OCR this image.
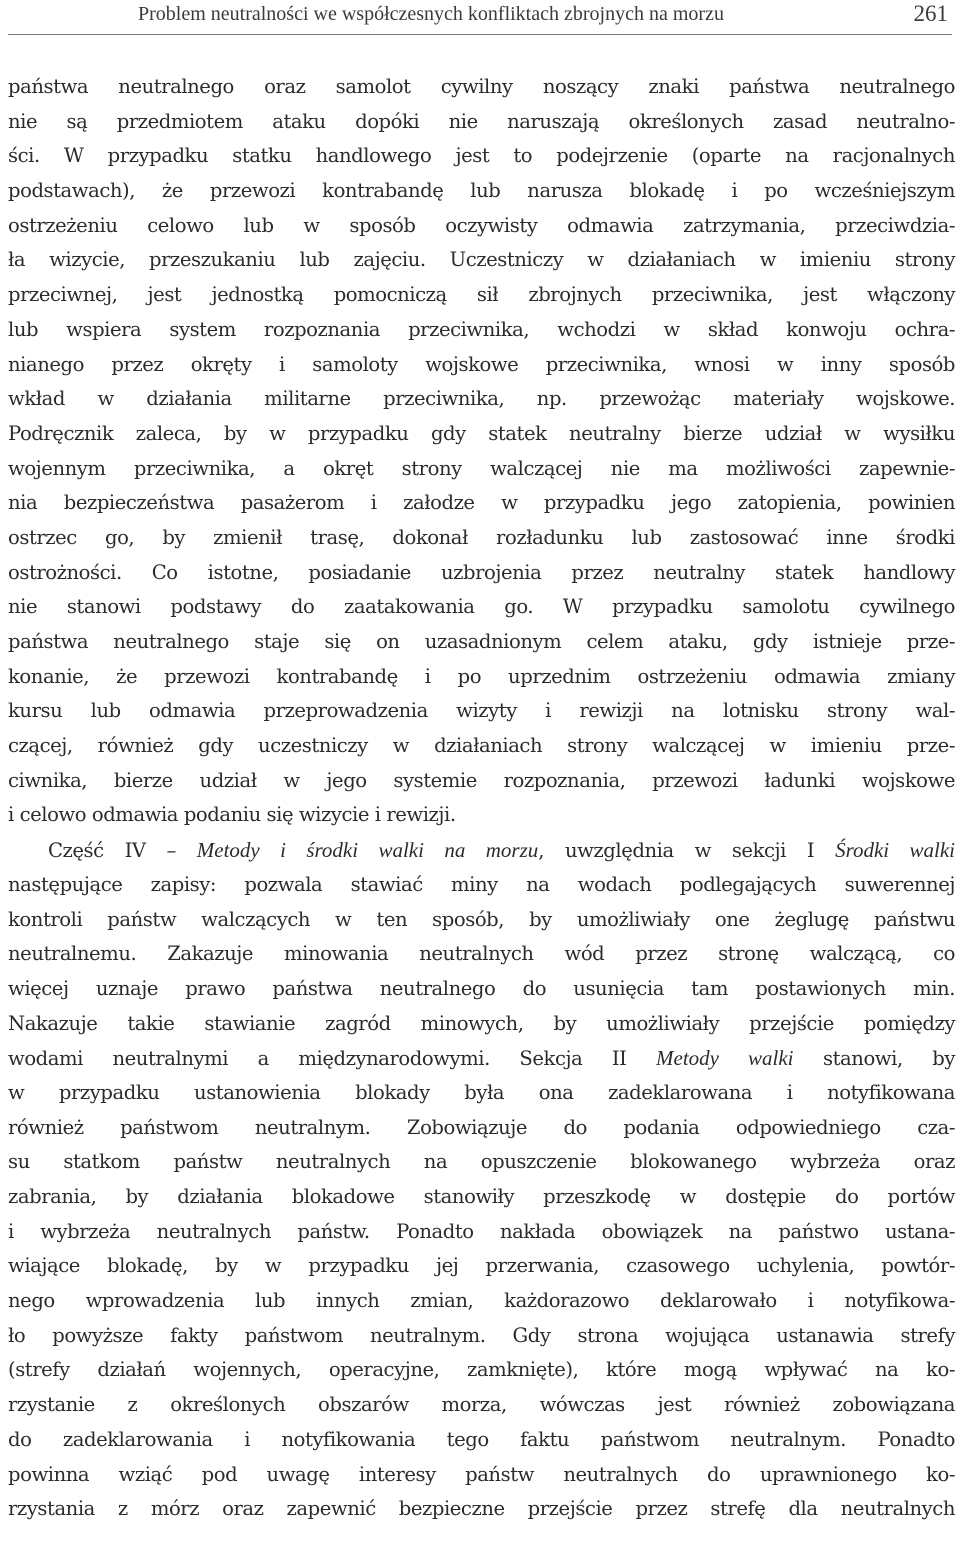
Problem neutralności we współczesnych konfliktach zbrojnych na morzu	261
państwa neutralnego oraz samolot cywilny noszący znaki państwa neutralnego
nie są przedmiotem ataku dopóki nie naruszają określonych zasad neutralno-
ści. W przypadku statku handlowego jest to podejrzenie (oparte na racjonalnych
podstawach), że przewozi kontrabandę lub narusza blokadę i po wcześniejszym
ostrzeżeniu celowo lub w sposób oczywisty odmawia zatrzymania, przeciwdzia-
ła wizycie, przeszukaniu lub zajęciu. Uczestniczy w działaniach w imieniu strony
przeciwnej, jest jednostką pomocniczą sił zbrojnych przeciwnika, jest włączony
lub wspiera system rozpoznania przeciwnika, wchodzi w skład konwoju ochra-
nianego przez okręty i samoloty wojskowe przeciwnika, wnosi w inny sposób
wkład w działania militarne przeciwnika, np. przewożąc materiały wojskowe.
Podręcznik zaleca, by w przypadku gdy statek neutralny bierze udział w wysiłku
wojennym przeciwnika, a okręt strony walczącej nie ma możliwości zapewnie-
nia bezpieczeństwa pasażerom i załodze w przypadku jego zatopienia, powinien
ostrzec go, by zmienił trasę, dokonał rozładunku lub zastosować inne środki
ostrożności. Co istotne, posiadanie uzbrojenia przez neutralny statek handlowy
nie stanowi podstawy do zaatakowania go. W przypadku samolotu cywilnego
państwa neutralnego staje się on uzasadnionym celem ataku, gdy istnieje prze-
konanie, że przewozi kontrabandę i po uprzednim ostrzeżeniu odmawia zmiany
kursu lub odmawia przeprowadzenia wizyty i rewizji na lotnisku strony wal-
czącej, również gdy uczestniczy w działaniach strony walczącej w imieniu prze-
ciwnika, bierze udział w jego systemie rozpoznania, przewozi ładunki wojskowe
i celowo odmawia podaniu się wizycie i rewizji.
Część IV – Metody i środki walki na morzu, uwzględnia w sekcji I Środki walki
następujące zapisy: pozwala stawiać miny na wodach podlegających suwerennej
kontroli państw walczących w ten sposób, by umożliwiały one żeglugę państwu
neutralnemu. Zakazuje minowania neutralnych wód przez stronę walczącą, co
więcej uznaje prawo państwa neutralnego do usunięcia tam postawionych min.
Nakazuje takie stawianie zagród minowych, by umożliwiały przejście pomiędzy
wodami neutralnymi a międzynarodowymi. Sekcja II Metody walki stanowi, by
w przypadku ustanowienia blokady była ona zadeklarowana i notyfikowana
również państwom neutralnym. Zobowiązuje do podania odpowiedniego cza-
su statkom państw neutralnych na opuszczenie blokowanego wybrzeża oraz
zabrania, by działania blokadowe stanowiły przeszkodę w dostępie do portów
i wybrzeża neutralnych państw. Ponadto nakłada obowiązek na państwo ustana-
wiające blokadę, by w przypadku jej przerwania, czasowego uchylenia, powtór-
nego wprowadzenia lub innych zmian, każdorazowo deklarowało i notyfikowa-
ło powyższe fakty państwom neutralnym. Gdy strona wojująca ustanawia strefy
(strefy działań wojennych, operacyjne, zamknięte), które mogą wpływać na ko-
rzystanie z określonych obszarów morza, wówczas jest również zobowiązana
do zadeklarowania i notyfikowania tego faktu państwom neutralnym. Ponadto
powinna wziąć pod uwagę interesy państw neutralnych do uprawnionego ko-
rzystania z mórz oraz zapewnić bezpieczne przejście przez strefę dla neutralnych
